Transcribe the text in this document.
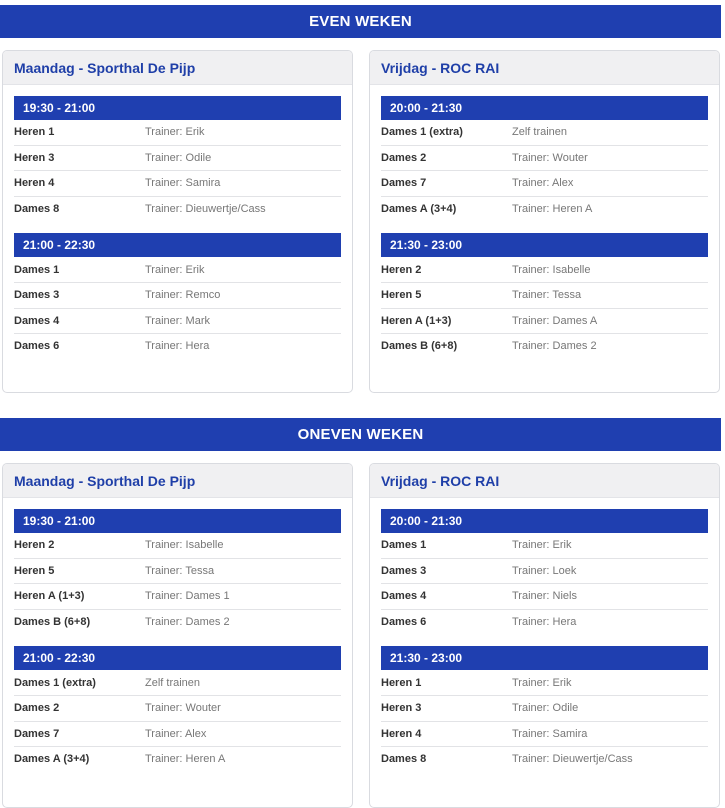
EVEN WEKEN
Maandag - Sporthal De Pijp
19:30 - 21:00
Heren 1	Trainer: Erik
Heren 3	Trainer: Odile
Heren 4	Trainer: Samira
Dames 8	Trainer: Dieuwertje/Cass
21:00 - 22:30
Dames 1	Trainer: Erik
Dames 3	Trainer: Remco
Dames 4	Trainer: Mark
Dames 6	Trainer: Hera
Vrijdag - ROC RAI
20:00 - 21:30
Dames 1 (extra)	Zelf trainen
Dames 2	Trainer: Wouter
Dames 7	Trainer: Alex
Dames A (3+4)	Trainer: Heren A
21:30 - 23:00
Heren 2	Trainer: Isabelle
Heren 5	Trainer: Tessa
Heren A (1+3)	Trainer: Dames A
Dames B (6+8)	Trainer: Dames 2
ONEVEN WEKEN
Maandag - Sporthal De Pijp
19:30 - 21:00
Heren 2	Trainer: Isabelle
Heren 5	Trainer: Tessa
Heren A (1+3)	Trainer: Dames 1
Dames B (6+8)	Trainer: Dames 2
21:00 - 22:30
Dames 1 (extra)	Zelf trainen
Dames 2	Trainer: Wouter
Dames 7	Trainer: Alex
Dames A (3+4)	Trainer: Heren A
Vrijdag - ROC RAI
20:00 - 21:30
Dames 1	Trainer: Erik
Dames 3	Trainer: Loek
Dames 4	Trainer: Niels
Dames 6	Trainer: Hera
21:30 - 23:00
Heren 1	Trainer: Erik
Heren 3	Trainer: Odile
Heren 4	Trainer: Samira
Dames 8	Trainer: Dieuwertje/Cass
